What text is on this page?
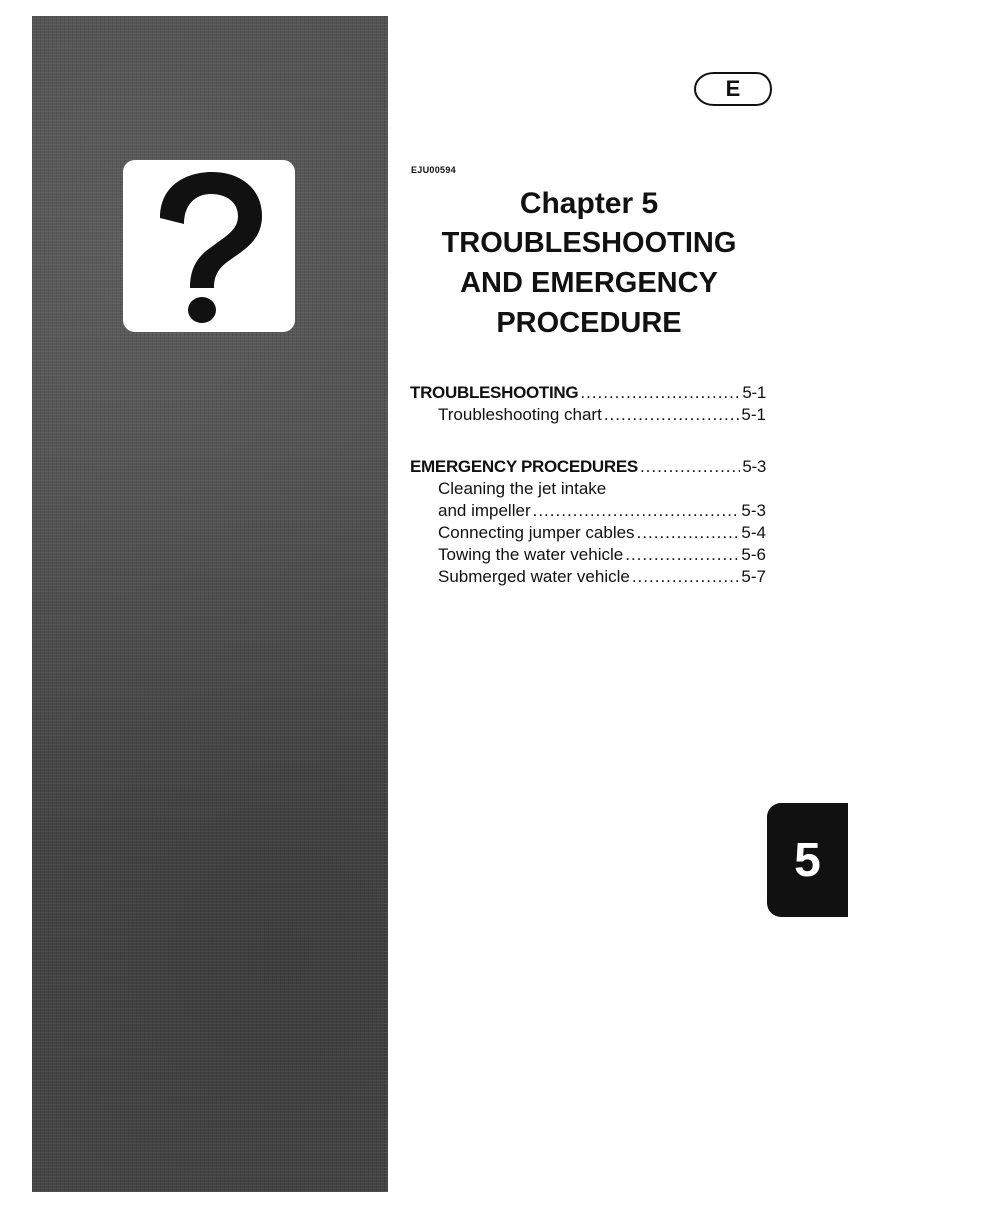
E
EJU00594
Chapter 5
TROUBLESHOOTING
AND EMERGENCY
PROCEDURE
TROUBLESHOOTING .....	5-1
Troubleshooting chart .....	5-1
EMERGENCY PROCEDURES .....	5-3
Cleaning the jet intake
and impeller .....	5-3
Connecting jumper cables .....	5-4
Towing the water vehicle .....	5-6
Submerged water vehicle .....	5-7
5
